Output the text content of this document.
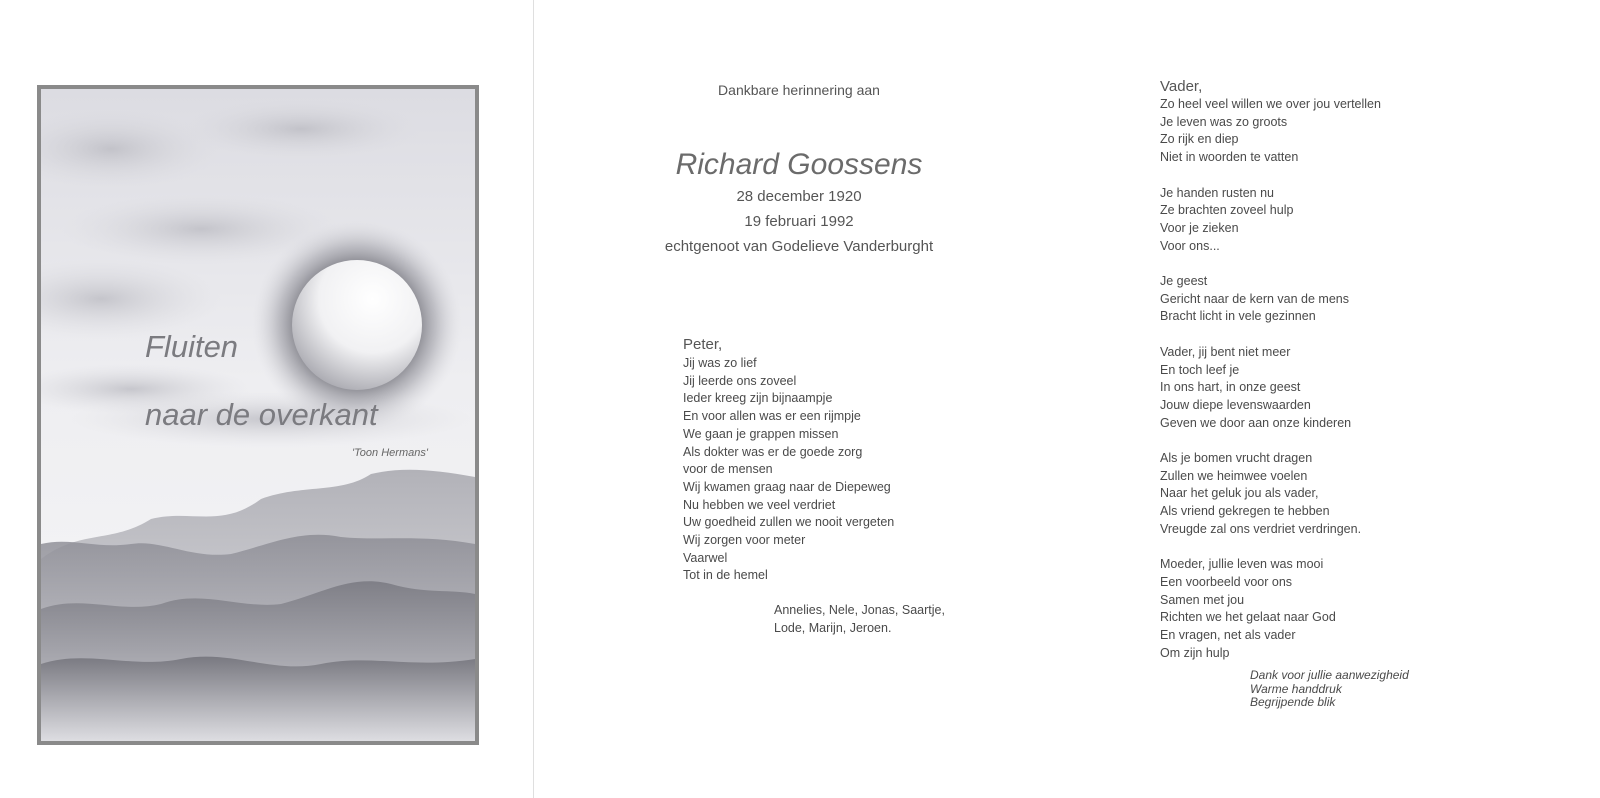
Fluiten
naar de overkant
'Toon Hermans'
Dankbare herinnering aan
Richard Goossens
28 december 1920
19 februari 1992
echtgenoot van Godelieve Vanderburght

Peter,

Jij was zo lief
Jij leerde ons zoveel
Ieder kreeg zijn bijnaampje
En voor allen was er een rijmpje
We gaan je grappen missen
Als dokter was er de goede zorg
voor de mensen
Wij kwamen graag naar de Diepeweg
Nu hebben we veel verdriet
Uw goedheid zullen we nooit vergeten
Wij zorgen voor meter
Vaarwel
Tot in de hemel
Annelies, Nele, Jonas, Saartje,
Lode, Marijn, Jeroen.

Vader,

Zo heel veel willen we over jou vertellen
Je leven was zo groots
Zo rijk en diep
Niet in woorden te vatten
Je handen rusten nu
Ze brachten zoveel hulp
Voor je zieken
Voor ons...
Je geest
Gericht naar de kern van de mens
Bracht licht in vele gezinnen
Vader, jij bent niet meer
En toch leef je
In ons hart, in onze geest
Jouw diepe levenswaarden
Geven we door aan onze kinderen
Als je bomen vrucht dragen
Zullen we heimwee voelen
Naar het geluk jou als vader,
Als vriend gekregen te hebben
Vreugde zal ons verdriet verdringen.
Moeder, jullie leven was mooi
Een voorbeeld voor ons
Samen met jou
Richten we het gelaat naar God
En vragen, net als vader
Om zijn hulp
Dank voor jullie aanwezigheid
Warme handdruk
Begrijpende blik
